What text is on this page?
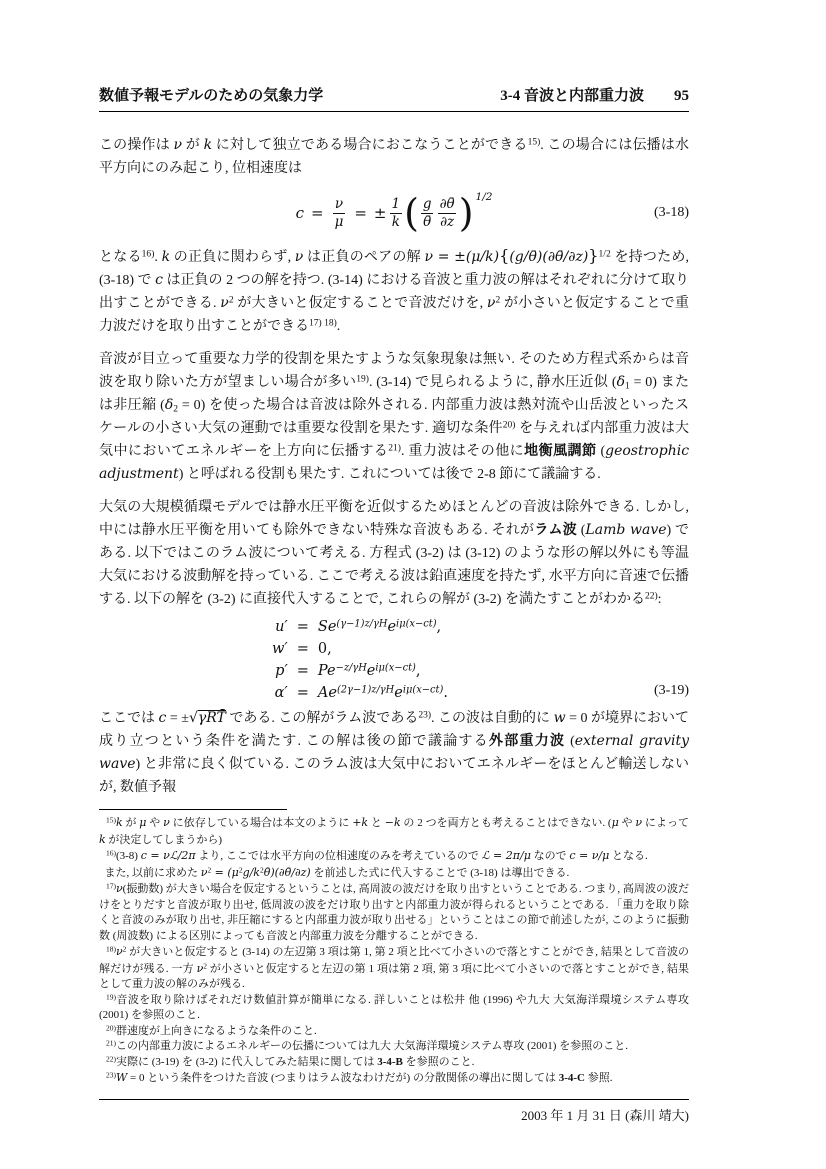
数値予報モデルのための気象力学	3-4 音波と内部重力波 95

この操作は ν が k に対して独立である場合におこなうことができる$^{15)}$. この場合には伝播は水平方向にのみ起こり, 位相速度は

$c = \frac{\nu}{\mu}$ = ± $\frac{1}{k}$ ( $\frac{g}{\thetā} \frac{\partial\thetā}{\partial z}$ ) 1/2
(3-18)

となる$^{16)}$. k の正負に関わらず, ν は正負のペアの解 ν = ±(μ/k){(g/θ̄)(∂θ̄/∂z)}$^{1/2}$ を持つため, (3-18) で c は正負の 2 つの解を持つ. (3-14) における音波と重力波の解はそれぞれに分けて取り出すことができる. $\nu^2$ が大きいと仮定することで音波だけを, $\nu^2$ が小さいと仮定することで重力波だけを取り出すことができる$^{17) 18)}$.

音波が目立って重要な力学的役割を果たすような気象現象は無い. そのため方程式系からは音波を取り除いた方が望ましい場合が多い$^{19)}$. (3-14) で見られるように, 静水圧近似 $(\delta_1 = 0)$ または非圧縮 $(\delta_2 = 0)$ を使った場合は音波は除外される. 内部重力波は熱対流や山岳波といったスケールの小さい大気の運動では重要な役割を果たす. 適切な条件$^{20)}$ を与えれば内部重力波は大気中においてエネルギーを上方向に伝播する$^{21)}$. 重力波はその他に地衡風調節 (geostrophic adjustment) と呼ばれる役割も果たす. これについては後で 2-8 節にて議論する.

大気の大規模循環モデルでは静水圧平衡を近似するためほとんどの音波は除外できる. しかし, 中には静水圧平衡を用いても除外できない特殊な音波もある. それがラム波 (Lamb wave) である. 以下ではこのラム波について考える. 方程式 (3-2) は (3-12) のような形の解以外にも等温大気における波動解を持っている. ここで考える波は鉛直速度を持たず, 水平方向に音速で伝播する. 以下の解を (3-2) に直接代入することで, これらの解が (3-2) を満たすことがわかる$^{22)}$:

$u' = Se^{(\gamma-1)z/\gamma H}e^{i\mu(x-ct)}$,
w′ = 0,
$p' = Pe^{-z/\gamma H}e^{i\mu(x-ct)}$,
$\alpha' = Ae^{(2\gamma-1)z/\gamma H}e^{i\mu(x-ct)}$.	(3-19)

ここでは c = ±√γRT̄ である. この解がラム波である$^{23)}$. この波は自動的に w = 0 が境界において成り立つという条件を満たす. この解は後の節で議論する外部重力波 (external gravity wave) と非常に良く似ている. このラム波は大気中においてエネルギーをほとんど輸送しないが, 数値予報

$^{15)}$k が μ や ν に依存している場合は本文のように +k と −k の 2 つを両方とも考えることはできない. (μ や ν によって k が決定してしまうから)
$^{16)}$(3-8) c = νℒ/2π より, ここでは水平方向の位相速度のみを考えているので ℒ = 2π/μ なので c = ν/μ となる.
また, 以前に求めた $\nu^2$ = $(\mu^2g/k^2\thetā)(\partial\thetā/\partial z)$ を前述した式に代入することで (3-18) は導出できる.
$^{17)}$ν(振動数) が大きい場合を仮定するということは, 高周波の波だけを取り出すということである. つまり, 高周波の波だけをとりだすと音波が取り出せ, 低周波の波をだけ取り出すと内部重力波が得られるということである. 「重力を取り除くと音波のみが取り出せ, 非圧縮にすると内部重力波が取り出せる」ということはこの節で前述したが, このように振動数 (周波数) による区別によっても音波と内部重力波を分離することができる.
$^{18)}\nu^2$ が大きいと仮定すると (3-14) の左辺第 3 項は第 1, 第 2 項と比べて小さいので落とすことができ, 結果として音波の解だけが残る. 一方 $\nu^2$ が小さいと仮定すると左辺の第 1 項は第 2 項, 第 3 項に比べて小さいので落とすことができ, 結果として重力波の解のみが残る.
$^{19)}$音波を取り除けばそれだけ数値計算が簡単になる. 詳しいことは松井 他 (1996) や九大 大気海洋環境システム専攻 (2001) を参照のこと.
$^{20)}$群速度が上向きになるような条件のこと.
$^{21)}$この内部重力波によるエネルギーの伝播については九大 大気海洋環境システム専攻 (2001) を参照のこと.
$^{22)}$実際に (3-19) を (3-2) に代入してみた結果に関しては 3-4-B を参照のこと.
$^{23)}$W = 0 という条件をつけた音波 (つまりはラム波なわけだが) の分散関係の導出に関しては 3-4-C 参照.
2003 年 1 月 31 日 (森川 靖大)
